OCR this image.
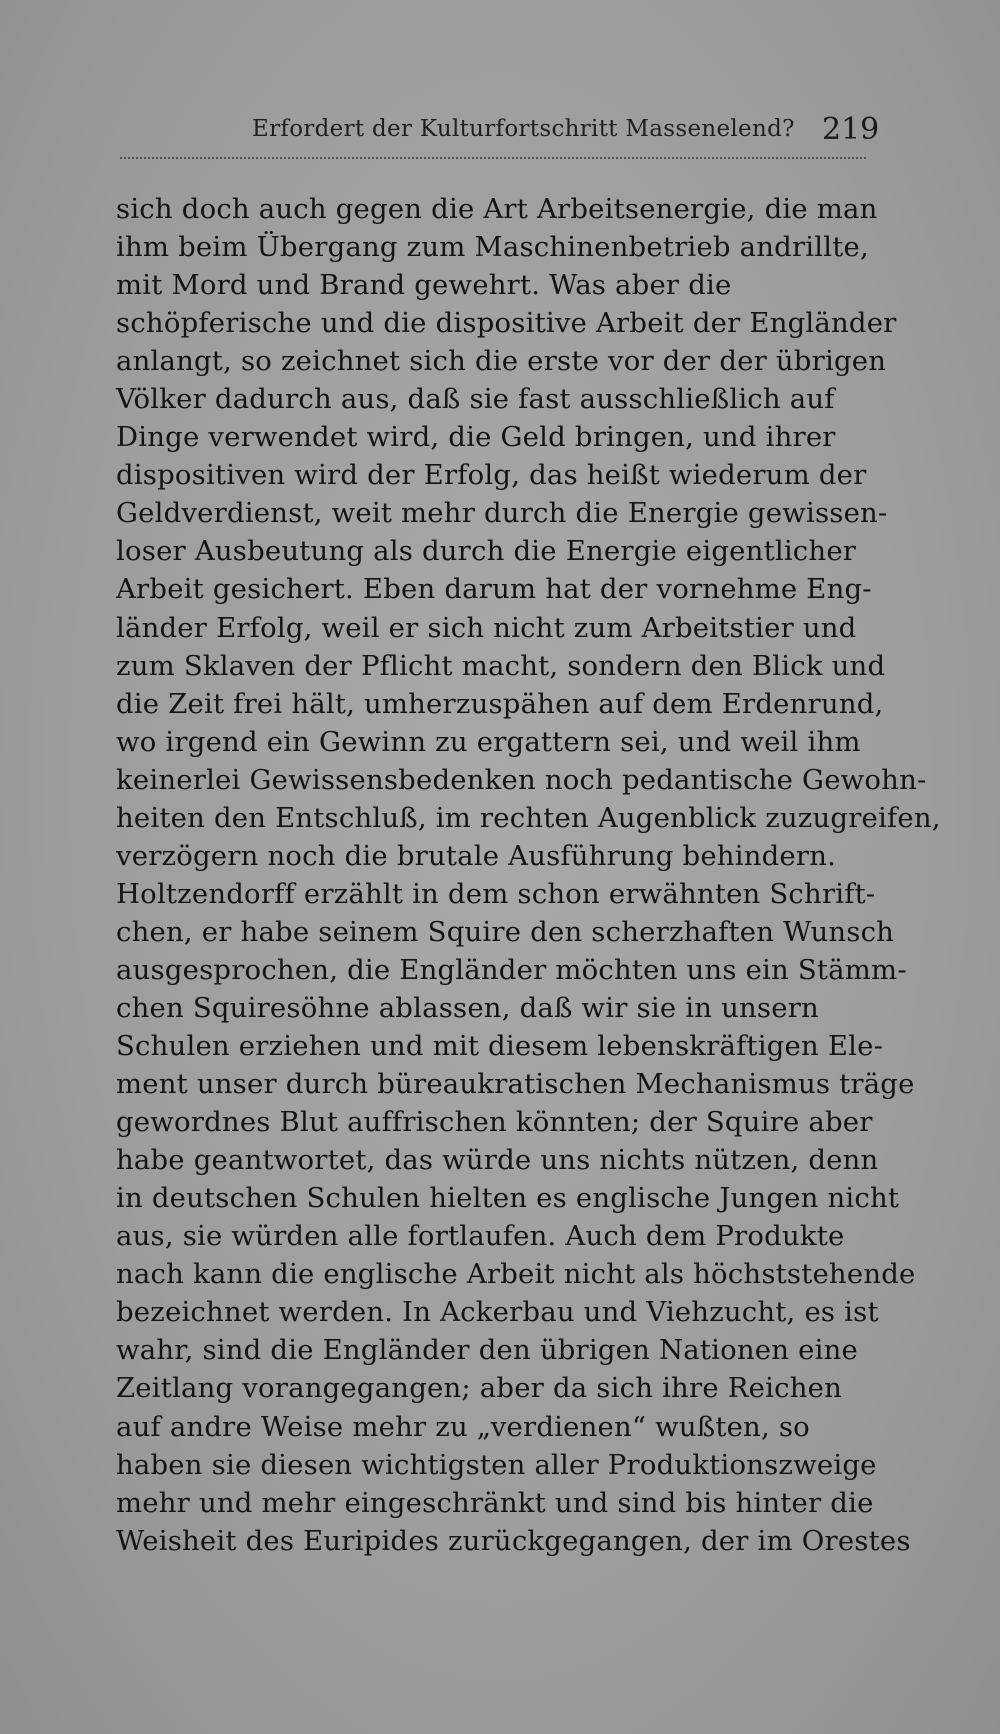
Erfordert der Kulturfortschritt Massenelend? 219
sich doch auch gegen die Art Arbeitsenergie, die man
ihm beim Übergang zum Maschinenbetrieb andrillte,
mit Mord und Brand gewehrt. Was aber die
schöpferische und die dispositive Arbeit der Engländer
anlangt, so zeichnet sich die erste vor der der übrigen
Völker dadurch aus, daß sie fast ausschließlich auf
Dinge verwendet wird, die Geld bringen, und ihrer
dispositiven wird der Erfolg, das heißt wiederum der
Geldverdienst, weit mehr durch die Energie gewissen-
loser Ausbeutung als durch die Energie eigentlicher
Arbeit gesichert. Eben darum hat der vornehme Eng-
länder Erfolg, weil er sich nicht zum Arbeitstier und
zum Sklaven der Pflicht macht, sondern den Blick und
die Zeit frei hält, umherzuspähen auf dem Erdenrund,
wo irgend ein Gewinn zu ergattern sei, und weil ihm
keinerlei Gewissensbedenken noch pedantische Gewohn-
heiten den Entschluß, im rechten Augenblick zuzugreifen,
verzögern noch die brutale Ausführung behindern.
Holtzendorff erzählt in dem schon erwähnten Schrift-
chen, er habe seinem Squire den scherzhaften Wunsch
ausgesprochen, die Engländer möchten uns ein Stämm-
chen Squiresöhne ablassen, daß wir sie in unsern
Schulen erziehen und mit diesem lebenskräftigen Ele-
ment unser durch büreaukratischen Mechanismus träge
gewordnes Blut auffrischen könnten; der Squire aber
habe geantwortet, das würde uns nichts nützen, denn
in deutschen Schulen hielten es englische Jungen nicht
aus, sie würden alle fortlaufen. Auch dem Produkte
nach kann die englische Arbeit nicht als höchststehende
bezeichnet werden. In Ackerbau und Viehzucht, es ist
wahr, sind die Engländer den übrigen Nationen eine
Zeitlang vorangegangen; aber da sich ihre Reichen
auf andre Weise mehr zu „verdienen“ wußten, so
haben sie diesen wichtigsten aller Produktionszweige
mehr und mehr eingeschränkt und sind bis hinter die
Weisheit des Euripides zurückgegangen, der im Orestes
